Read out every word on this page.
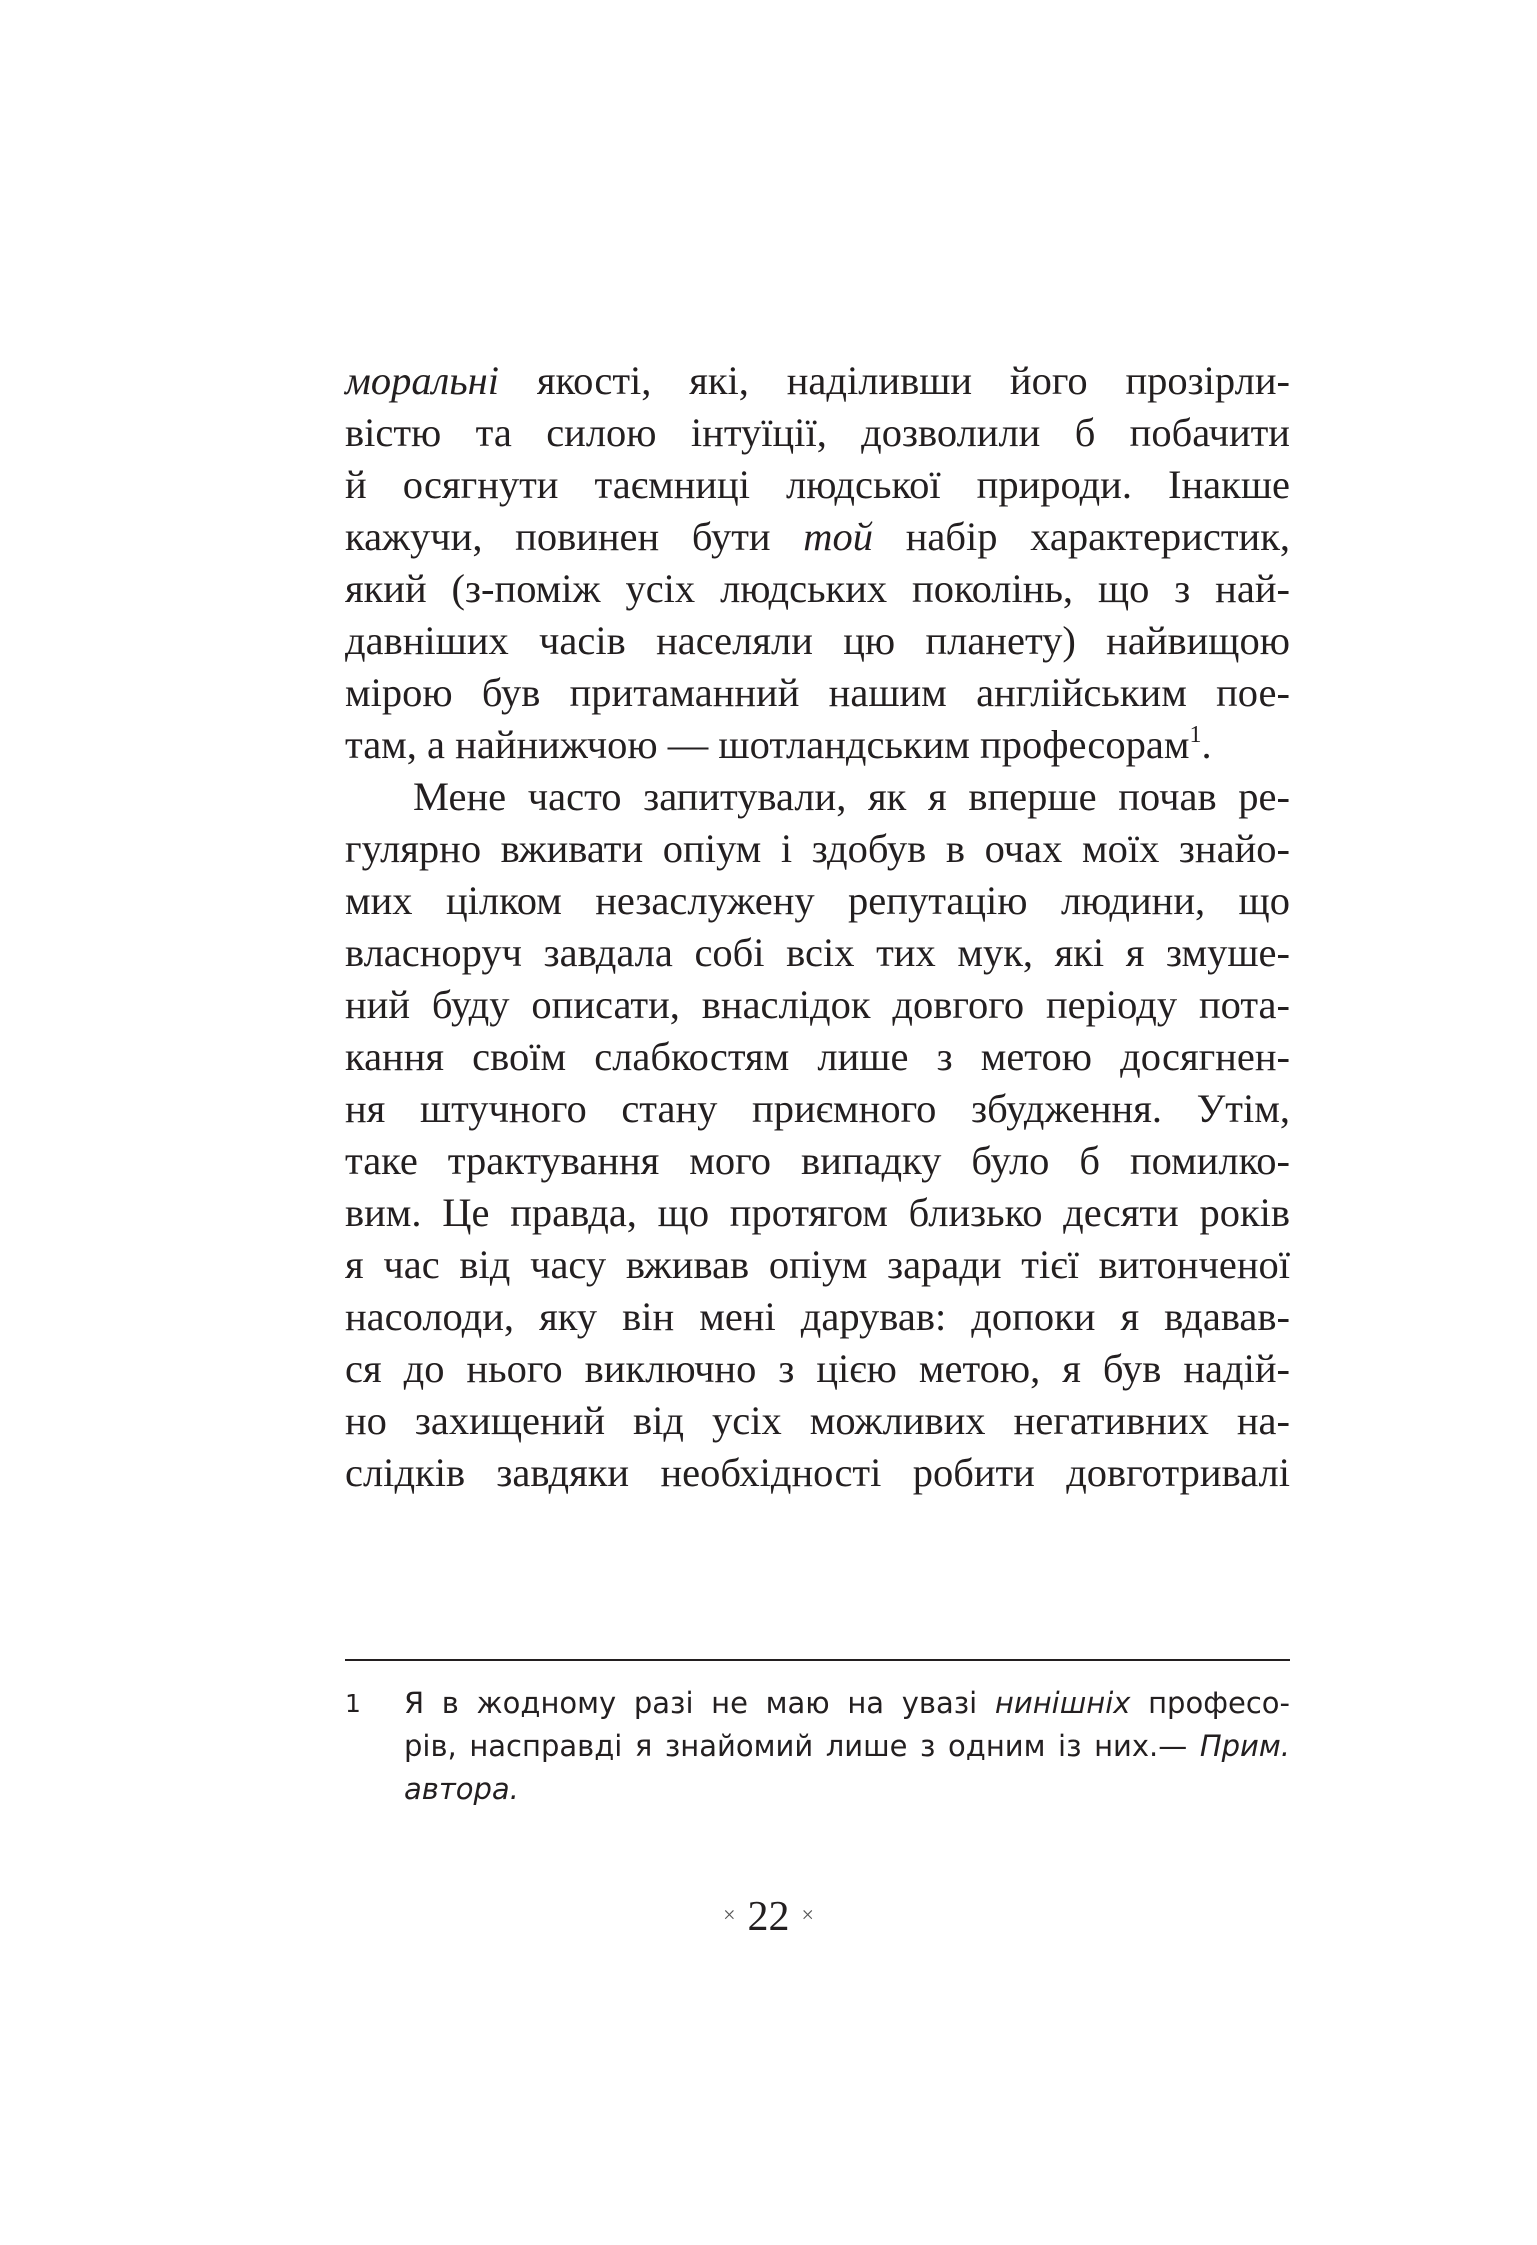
моральні якості, які, наділивши його прозірли-
вістю та силою інтуїції, дозволили б побачити
й осягнути таємниці людської природи. Інакше
кажучи, повинен бути той набір характеристик,
який (з-поміж усіх людських поколінь, що з най-
давніших часів населяли цю планету) найвищою
мірою був притаманний нашим англійським пое-
там, а найнижчою — шотландським професорам$^1$.
Мене часто запитували, як я вперше почав ре-
гулярно вживати опіум і здобув в очах моїх знайо-
мих цілком незаслужену репутацію людини, що
власноруч завдала собі всіх тих мук, які я змуше-
ний буду описати, внаслідок довгого періоду пота-
кання своїм слабкостям лише з метою досягнен-
ня штучного стану приємного збудження. Утім,
таке трактування мого випадку було б помилко-
вим. Це правда, що протягом близько десяти років
я час від часу вживав опіум заради тієї витонченої
насолоди, яку він мені дарував: допоки я вдавав-
ся до нього виключно з цією метою, я був надій-
но захищений від усіх можливих негативних на-
слідків завдяки необхідності робити довготривалі
1 Я в жодному разі не маю на увазі нинішніх професо-
рів, насправді я знайомий лише з одним із них.— Прим.
автора.
× 22 ×
